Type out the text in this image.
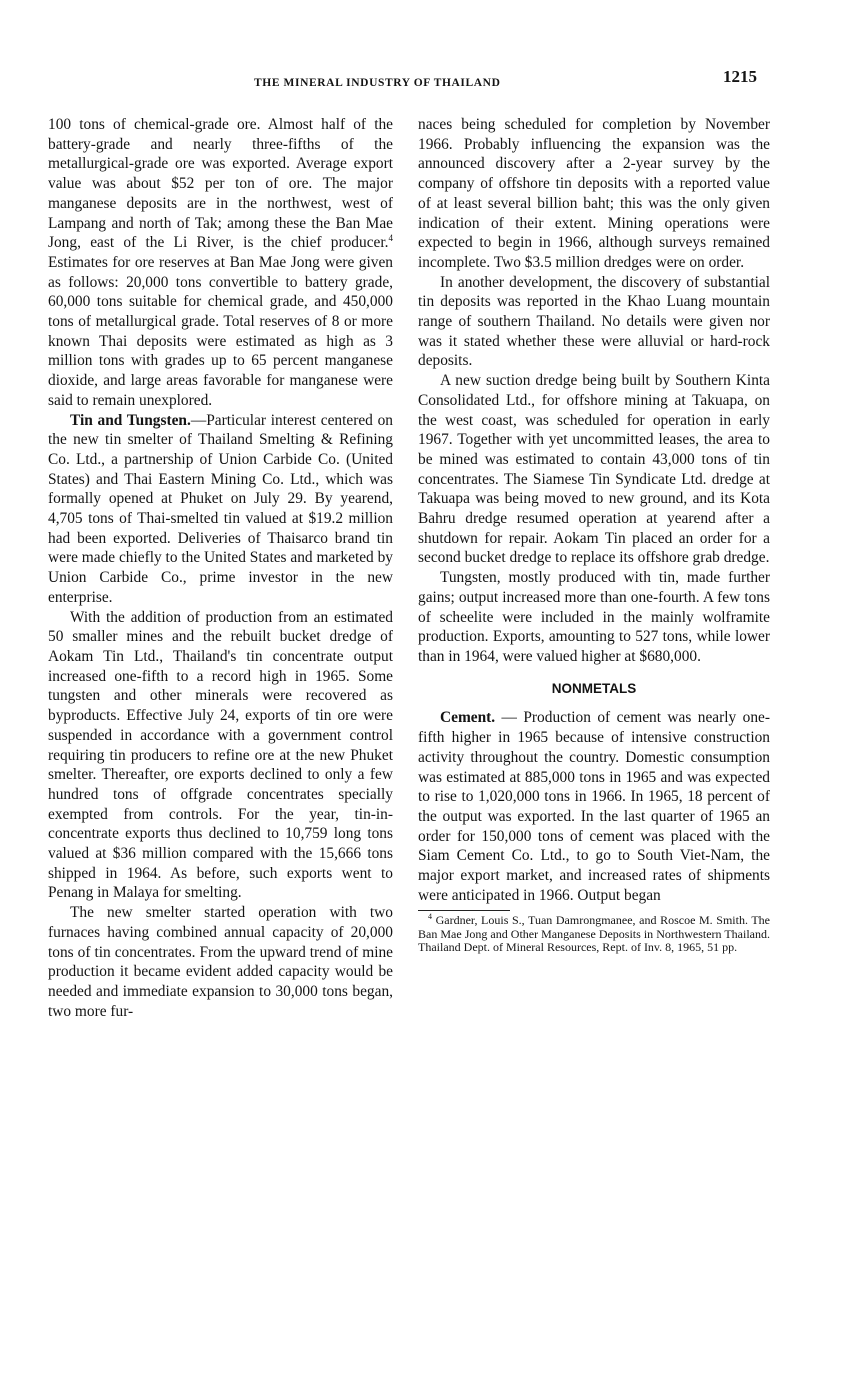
THE MINERAL INDUSTRY OF THAILAND	1215

100 tons of chemical-grade ore. Almost half of the battery-grade and nearly three-fifths of the metallurgical-grade ore was exported. Average export value was about $52 per ton of ore. The major manganese deposits are in the northwest, west of Lampang and north of Tak; among these the Ban Mae Jong, east of the Li River, is the chief producer.$^4$ Estimates for ore reserves at Ban Mae Jong were given as follows: 20,000 tons convertible to battery grade, 60,000 tons suitable for chemical grade, and 450,000 tons of metallurgical grade. Total reserves of 8 or more known Thai deposits were estimated as high as 3 million tons with grades up to 65 percent manganese dioxide, and large areas favorable for manganese were said to remain unexplored.

Tin and Tungsten.—Particular interest centered on the new tin smelter of Thailand Smelting & Refining Co. Ltd., a partnership of Union Carbide Co. (United States) and Thai Eastern Mining Co. Ltd., which was formally opened at Phuket on July 29. By yearend, 4,705 tons of Thai-smelted tin valued at $19.2 million had been exported. Deliveries of Thaisarco brand tin were made chiefly to the United States and marketed by Union Carbide Co., prime investor in the new enterprise.

With the addition of production from an estimated 50 smaller mines and the rebuilt bucket dredge of Aokam Tin Ltd., Thailand's tin concentrate output increased one-fifth to a record high in 1965. Some tungsten and other minerals were recovered as byproducts. Effective July 24, exports of tin ore were suspended in accordance with a government control requiring tin producers to refine ore at the new Phuket smelter. Thereafter, ore exports declined to only a few hundred tons of offgrade concentrates specially exempted from controls. For the year, tin-in-concentrate exports thus declined to 10,759 long tons valued at $36 million compared with the 15,666 tons shipped in 1964. As before, such exports went to Penang in Malaya for smelting.

The new smelter started operation with two furnaces having combined annual capacity of 20,000 tons of tin concentrates. From the upward trend of mine production it became evident added capacity would be needed and immediate expansion to 30,000 tons began, two more fur-

naces being scheduled for completion by November 1966. Probably influencing the expansion was the announced discovery after a 2-year survey by the company of offshore tin deposits with a reported value of at least several billion baht; this was the only given indication of their extent. Mining operations were expected to begin in 1966, although surveys remained incomplete. Two $3.5 million dredges were on order.

In another development, the discovery of substantial tin deposits was reported in the Khao Luang mountain range of southern Thailand. No details were given nor was it stated whether these were alluvial or hard-rock deposits.

A new suction dredge being built by Southern Kinta Consolidated Ltd., for offshore mining at Takuapa, on the west coast, was scheduled for operation in early 1967. Together with yet uncommitted leases, the area to be mined was estimated to contain 43,000 tons of tin concentrates. The Siamese Tin Syndicate Ltd. dredge at Takuapa was being moved to new ground, and its Kota Bahru dredge resumed operation at yearend after a shutdown for repair. Aokam Tin placed an order for a second bucket dredge to replace its offshore grab dredge.

Tungsten, mostly produced with tin, made further gains; output increased more than one-fourth. A few tons of scheelite were included in the mainly wolframite production. Exports, amounting to 527 tons, while lower than in 1964, were valued higher at $680,000.

NONMETALS

Cement. — Production of cement was nearly one-fifth higher in 1965 because of intensive construction activity throughout the country. Domestic consumption was estimated at 885,000 tons in 1965 and was expected to rise to 1,020,000 tons in 1966. In 1965, 18 percent of the output was exported. In the last quarter of 1965 an order for 150,000 tons of cement was placed with the Siam Cement Co. Ltd., to go to South Viet-Nam, the major export market, and increased rates of shipments were anticipated in 1966. Output began

$^4$ Gardner, Louis S., Tuan Damrongmanee, and Roscoe M. Smith. The Ban Mae Jong and Other Manganese Deposits in Northwestern Thailand. Thailand Dept. of Mineral Resources, Rept. of Inv. 8, 1965, 51 pp.
